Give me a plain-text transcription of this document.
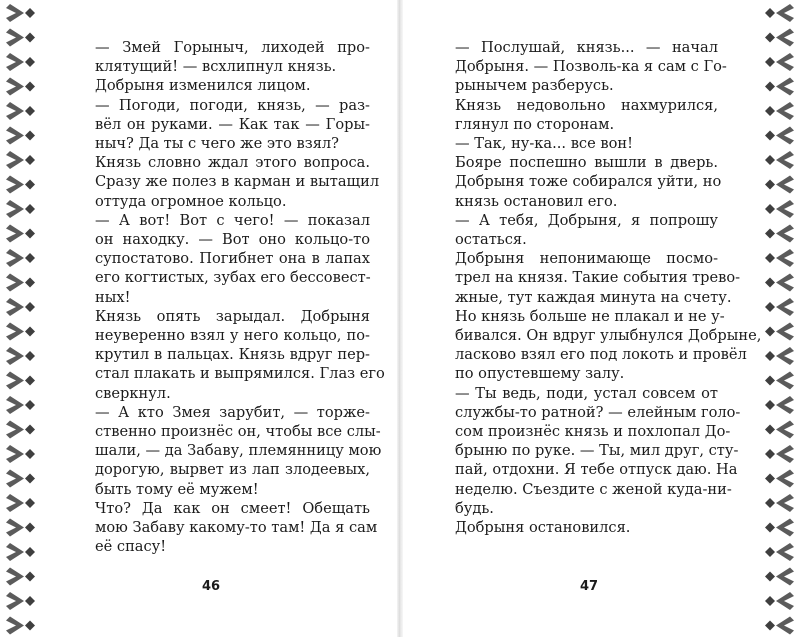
— Змей Горыныч, лиходей про-
клятущий! — всхлипнул князь.

Добрыня изменился лицом.

— Погоди, погоди, князь, — раз-
вёл он руками. — Как так — Горы-
ныч? Да ты с чего же это взял?

Князь словно ждал этого вопроса.
Сразу же полез в карман и вытащил
оттуда огромное кольцо.

— А вот! Вот с чего! — показал
он находку. — Вот оно кольцо-то
супостатово. Погибнет она в лапах
его когтистых, зубах его бессовест-
ных!

Князь опять зарыдал. Добрыня
неуверенно взял у него кольцо, по-
крутил в пальцах. Князь вдруг пер-
стал плакать и выпрямился. Глаз его
сверкнул.

— А кто Змея зарубит, — торже-
ственно произнёс он, чтобы все слы-
шали, — да Забаву, племянницу мою
дорогую, вырвет из лап злодеевых,
быть тому её мужем!

Что? Да как он смеет! Обещать
мою Забаву какому-то там! Да я сам
её спасу!

— Послушай, князь... — начал
Добрыня. — Позволь-ка я сам с Го-
рынычем разберусь.

Князь недовольно нахмурился,
глянул по сторонам.

— Так, ну-ка... все вон!

Бояре поспешно вышли в дверь.
Добрыня тоже собирался уйти, но
князь остановил его.

— А тебя, Добрыня, я попрошу
остаться.

Добрыня непонимающе посмо-
трел на князя. Такие события трево-
жные, тут каждая минута на счету.
Но князь больше не плакал и не у-
бивался. Он вдруг улыбнулся Добрыне,
ласково взял его под локоть и провёл
по опустевшему залу.

— Ты ведь, поди, устал совсем от
службы-то ратной? — елейным голо-
сом произнёс князь и похлопал До-
брыню по руке. — Ты, мил друг, сту-
пай, отдохни. Я тебе отпуск даю. На
неделю. Съездите с женой куда-ни-
будь.

Добрыня остановился.

46	47
